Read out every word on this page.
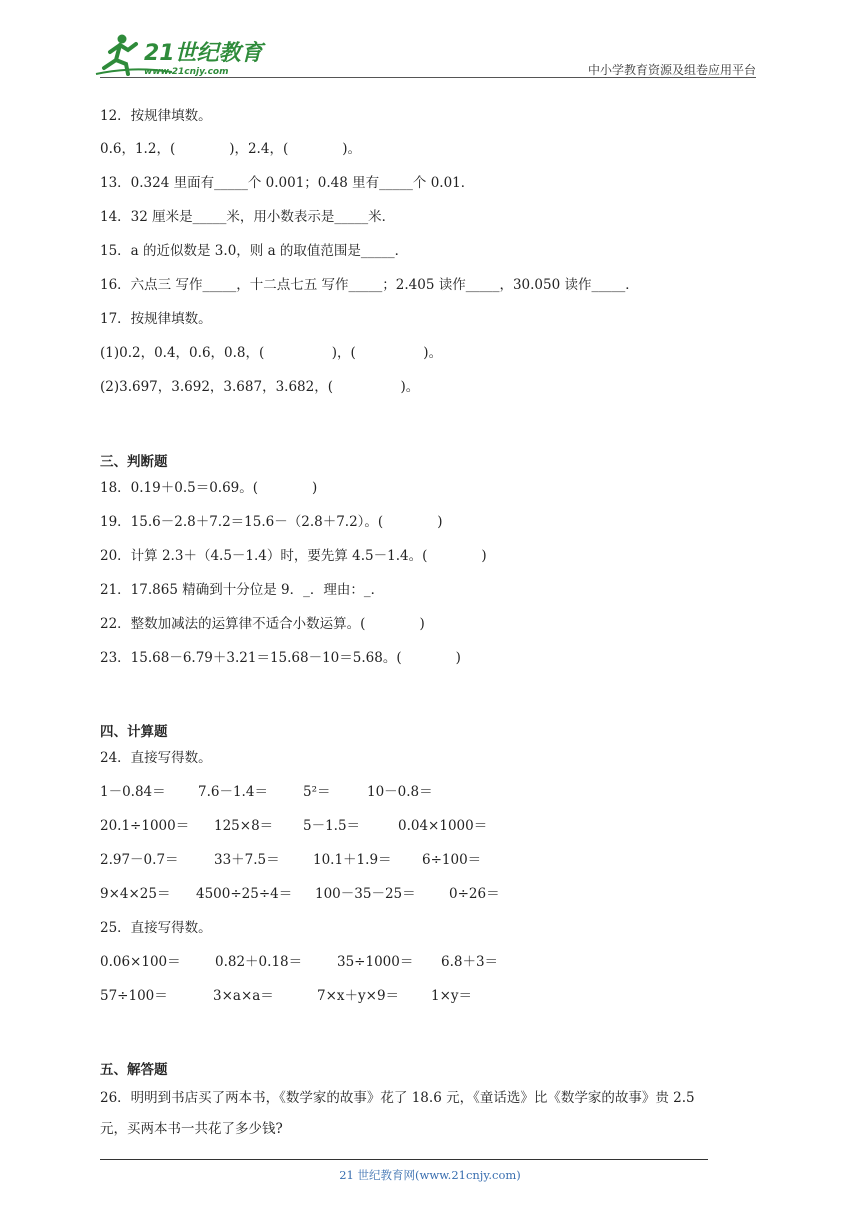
21世纪教育
www.21cnjy.com	中小学教育资源及组卷应用平台
12．按规律填数。
0.6，1.2，(　　　　)，2.4，(　　　　)。
13．0.324 里面有_____个 0.001；0.48 里有_____个 0.01．
14．32 厘米是_____米，用小数表示是_____米．
15．a 的近似数是 3.0，则 a 的取值范围是_____．
16．六点三 写作_____，十二点七五 写作_____；2.405 读作_____，30.050 读作_____．
17．按规律填数。
(1)0.2，0.4，0.6，0.8，(　　　　　)，(　　　　　)。
(2)3.697，3.692，3.687，3.682，(　　　　　)。
三、判断题
18．0.19＋0.5＝0.69。(　　　　)
19．15.6－2.8＋7.2＝15.6－（2.8＋7.2）。(　　　　)
20．计算 2.3＋（4.5－1.4）时，要先算 4.5－1.4。(　　　　)
21．17.865 精确到十分位是 9．_．理由：_．
22．整数加减法的运算律不适合小数运算。(　　　　)
23．15.68－6.79＋3.21＝15.68－10＝5.68。(　　　　)
四、计算题
24．直接写得数。
1－0.84＝ 7.6－1.4＝	5²＝	10－0.8＝
20.1÷1000＝ 125×8＝ 5－1.5＝	0.04×1000＝
2.97－0.7＝	33＋7.5＝ 10.1＋1.9＝ 6÷100＝
9×4×25＝ 4500÷25÷4＝ 100－35－25＝ 0÷26＝
25．直接写得数。
0.06×100＝	0.82＋0.18＝	35÷1000＝ 6.8＋3＝
57÷100＝	3×a×a＝	7×x＋y×9＝ 1×y＝
五、解答题
26．明明到书店买了两本书，《数学家的故事》花了 18.6 元，《童话选》比《数学家的故事》贵 2.5
元，买两本书一共花了多少钱?
21 世纪教育网(www.21cnjy.com)
